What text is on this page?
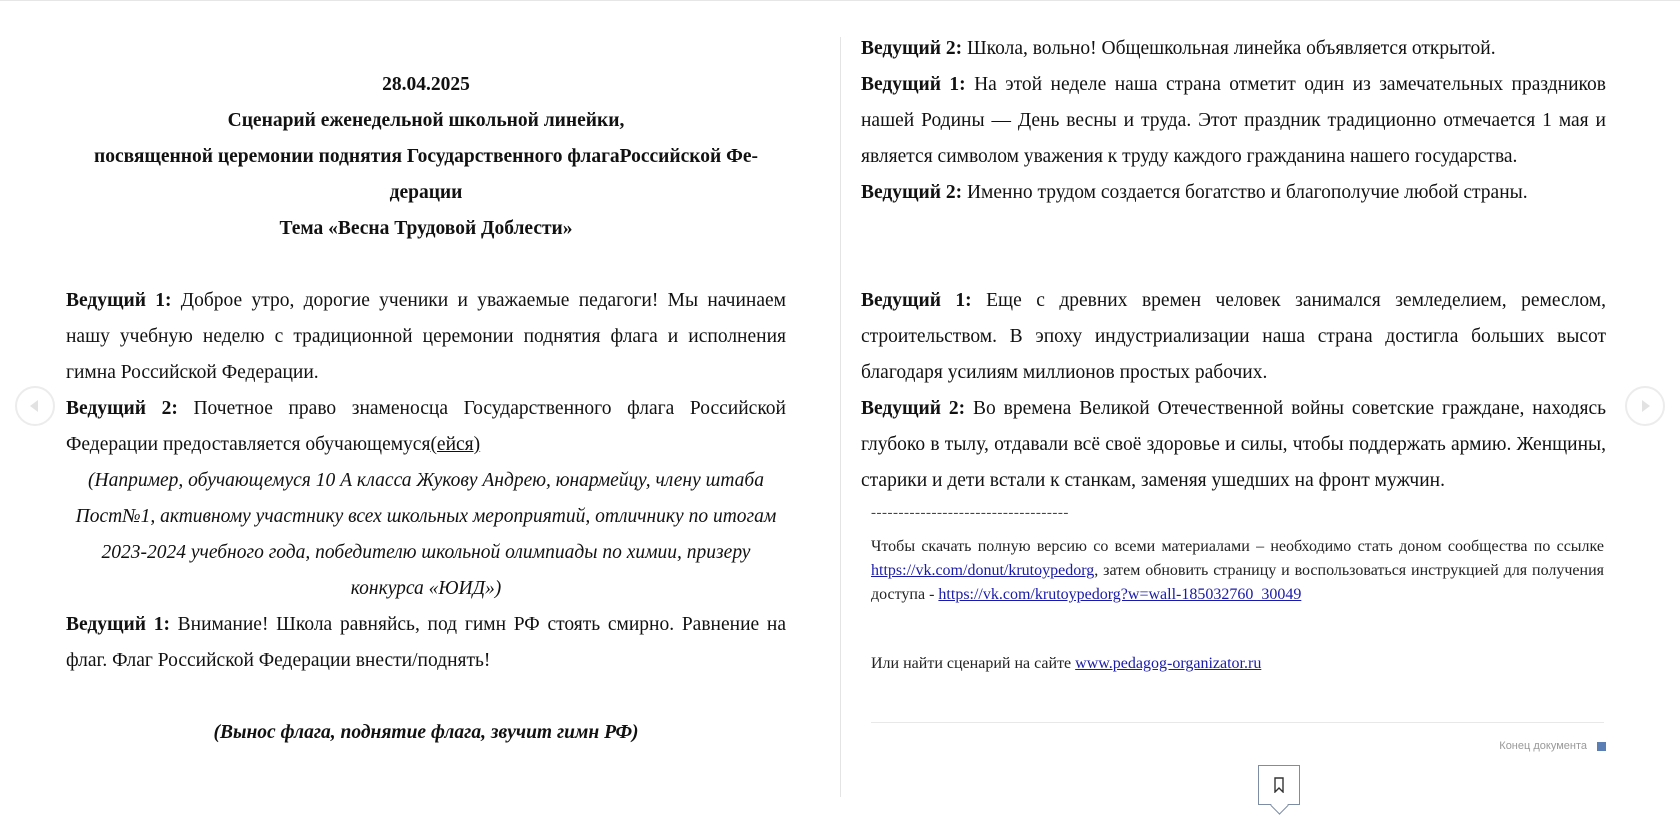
28.04.2025
Сценарий еженедельной школьной линейки,
посвященной церемонии поднятия Государственного флагаРоссийской Фе-
дерации
Тема «Весна Трудовой Доблести»
Ведущий 1: Доброе утро, дорогие ученики и уважаемые педагоги! Мы начинаем нашу учебную неделю с традиционной церемонии поднятия флага и исполнения гимна Российской Федерации.
Ведущий 2: Почетное право знаменосца Государственного флага Российской Федерации предоставляется обучающемуся(ейся)
(Например, обучающемуся 10 А класса Жукову Андрею, юнармейцу, члену штаба Пост№1, активному участнику всех школьных мероприятий, отличнику по итогам 2023-2024 учебного года, победителю школьной олимпиады по химии, призеру конкурса «ЮИД»)
Ведущий 1: Внимание! Школа равняйсь, под гимн РФ стоять смирно. Равнение на флаг. Флаг Российской Федерации внести/поднять!
(Вынос флага, поднятие флага, звучит гимн РФ)
Ведущий 2: Школа, вольно! Общешкольная линейка объявляется открытой.
Ведущий 1: На этой неделе наша страна отметит один из замечательных праздников нашей Родины — День весны и труда. Этот праздник традиционно отмечается 1 мая и является символом уважения к труду каждого гражданина нашего государства.
Ведущий 2: Именно трудом создается богатство и благополучие любой страны.
Ведущий 1: Еще с древних времен человек занимался земледелием, ремеслом, строительством. В эпоху индустриализации наша страна достигла больших высот благодаря усилиям миллионов простых рабочих.
Ведущий 2: Во времена Великой Отечественной войны советские граждане, находясь глубоко в тылу, отдавали всё своё здоровье и силы, чтобы поддержать армию. Женщины, старики и дети встали к станкам, заменяя ушедших на фронт мужчин.
------------------------------------
Чтобы скачать полную версию со всеми материалами – необходимо стать доном сообщества по ссылке https://vk.com/donut/krutoypedorg, затем обновить страницу и воспользоваться инструкцией для получения доступа - https://vk.com/krutoypedorg?w=wall-185032760_30049
Или найти сценарий на сайте www.pedagog-organizator.ru
Конец документа
